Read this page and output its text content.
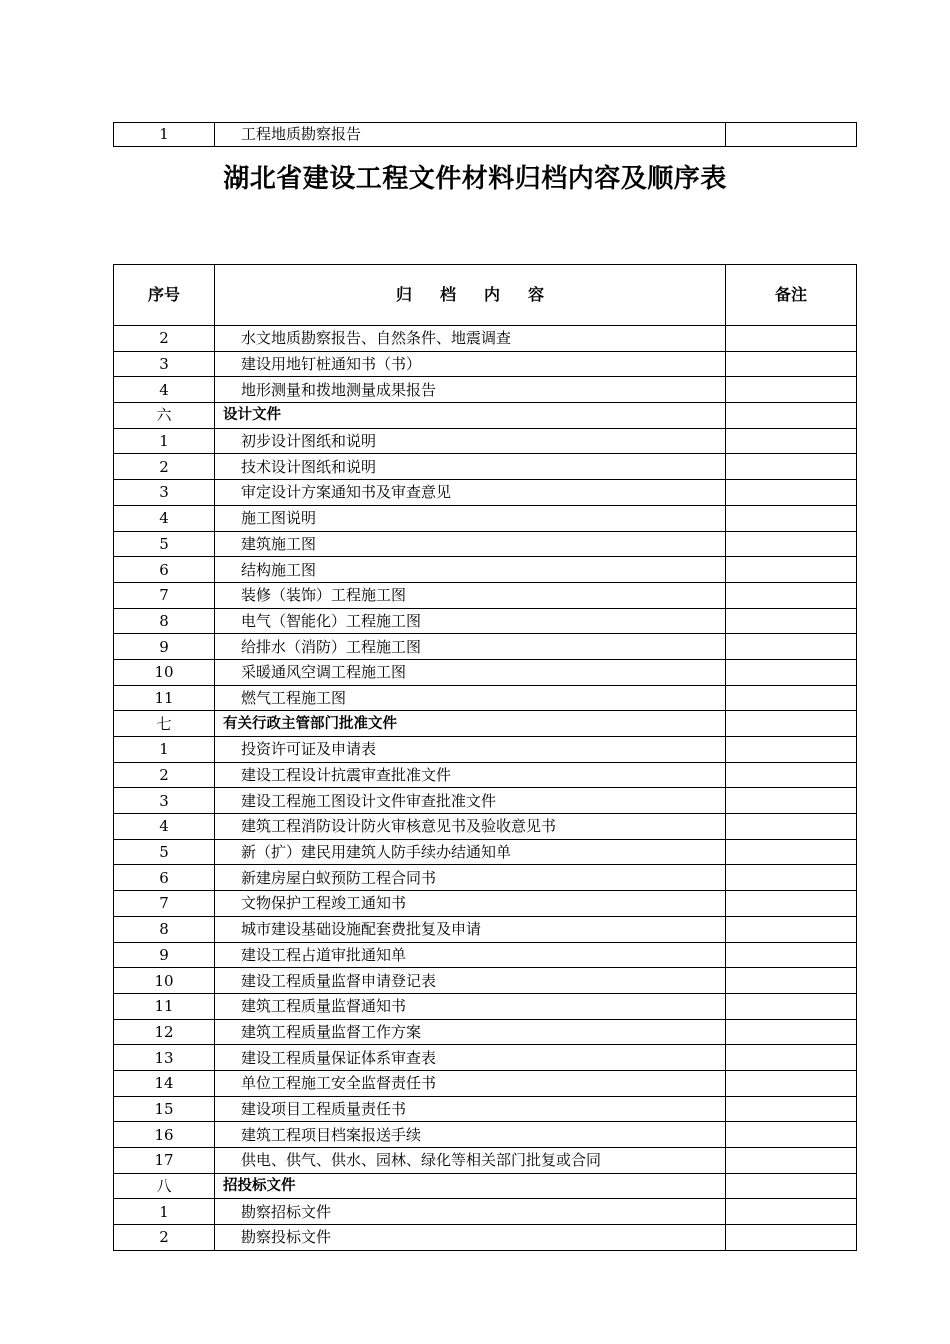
1	工程地质勘察报告	
湖北省建设工程文件材料归档内容及顺序表
序号	归档内容	备注
2	水文地质勘察报告、自然条件、地震调查	
3	建设用地钉桩通知书（书）	
4	地形测量和拨地测量成果报告	
六	设计文件	
1	初步设计图纸和说明	
2	技术设计图纸和说明	
3	审定设计方案通知书及审查意见	
4	施工图说明	
5	建筑施工图	
6	结构施工图	
7	装修（装饰）工程施工图	
8	电气（智能化）工程施工图	
9	给排水（消防）工程施工图	
10	采暖通风空调工程施工图	
11	燃气工程施工图	
七	有关行政主管部门批准文件	
1	投资许可证及申请表	
2	建设工程设计抗震审查批准文件	
3	建设工程施工图设计文件审查批准文件	
4	建筑工程消防设计防火审核意见书及验收意见书	
5	新（扩）建民用建筑人防手续办结通知单	
6	新建房屋白蚁预防工程合同书	
7	文物保护工程竣工通知书	
8	城市建设基础设施配套费批复及申请	
9	建设工程占道审批通知单	
10	建设工程质量监督申请登记表	
11	建筑工程质量监督通知书	
12	建筑工程质量监督工作方案	
13	建设工程质量保证体系审查表	
14	单位工程施工安全监督责任书	
15	建设项目工程质量责任书	
16	建筑工程项目档案报送手续	
17	供电、供气、供水、园林、绿化等相关部门批复或合同	
八	招投标文件	
1	勘察招标文件	
2	勘察投标文件	
